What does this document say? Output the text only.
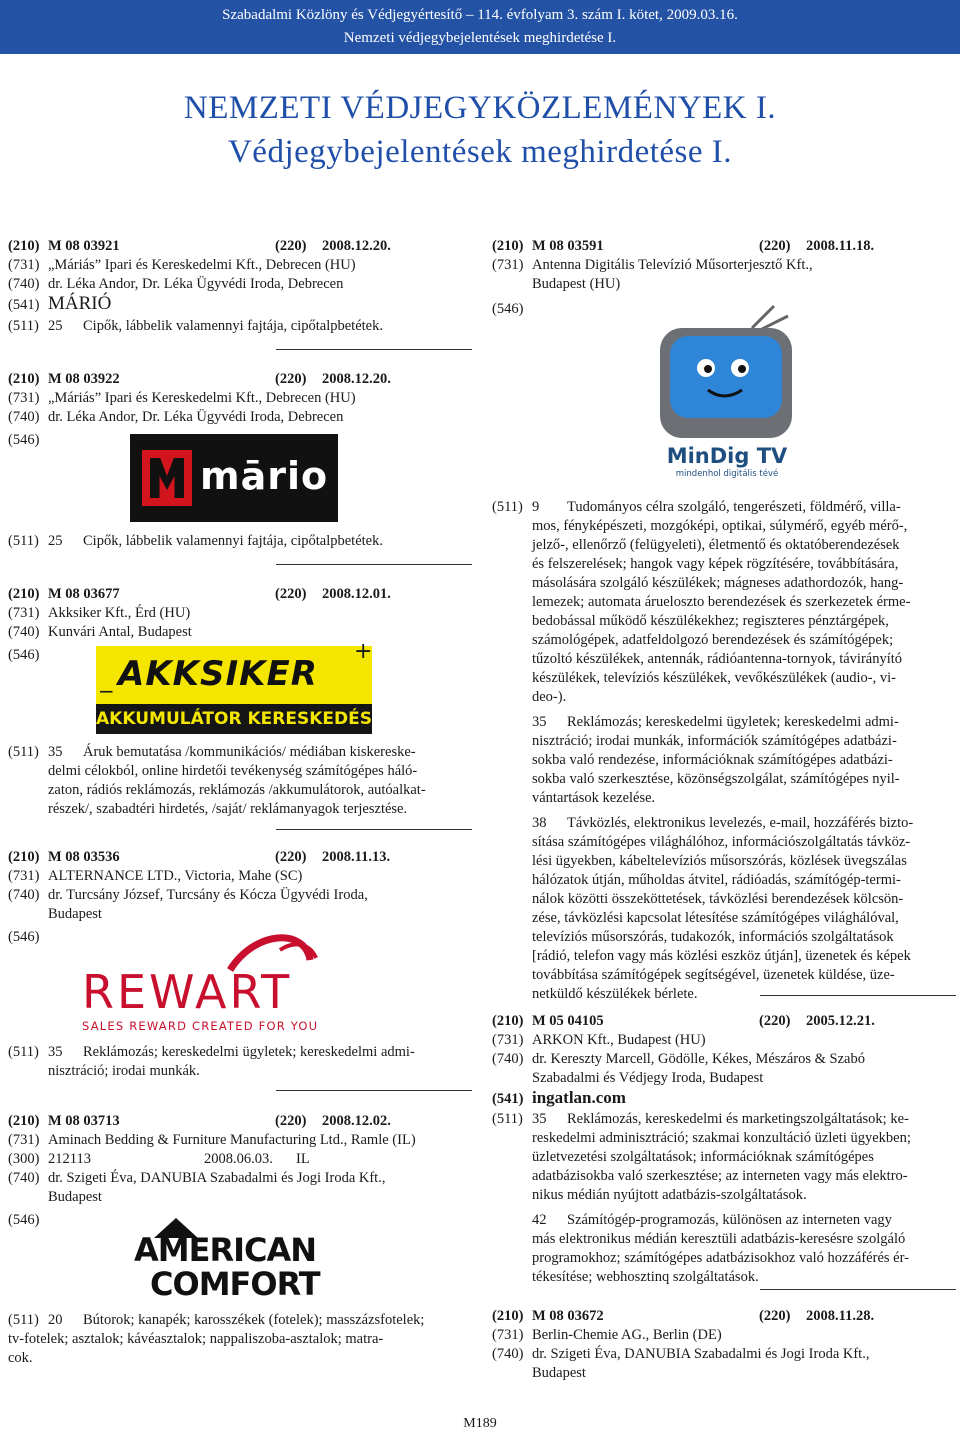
Szabadalmi Közlöny és Védjegyértesítő – 114. évfolyam 3. szám I. kötet, 2009.03.16.
Nemzeti védjegybejelentések meghirdetése I.
NEMZETI VÉDJEGYKÖZLEMÉNYEK I.
Védjegybejelentések meghirdetése I.
(210) M 08 03921	(220) 2008.12.20.
(731) „Máriás” Ipari és Kereskedelmi Kft., Debrecen (HU)
(740) dr. Léka Andor, Dr. Léka Ügyvédi Iroda, Debrecen
(541) MÁRIÓ
(511) 25 Cipők, lábbelik valamennyi fajtája, cipőtalpbetétek.
(210) M 08 03922	(220) 2008.12.20.
(731) „Máriás” Ipari és Kereskedelmi Kft., Debrecen (HU)
(740) dr. Léka Andor, Dr. Léka Ügyvédi Iroda, Debrecen
(546)
mārio
(511) 25 Cipők, lábbelik valamennyi fajtája, cipőtalpbetétek.
(210) M 08 03677	(220) 2008.12.01.
(731) Akksiker Kft., Érd (HU)
(740) Kunvári Antal, Budapest
(546)	+
− AKKSIKER
AKKUMULÁTOR KERESKEDÉS
(511) 35 Áruk bemutatása /kommunikációs/ médiában kiskereske-
delmi célokból, online hirdetői tevékenység számítógépes háló-
zaton, rádiós reklámozás, reklámozás /akkumulátorok, autóalkat-
részek/, szabadtéri hirdetés, /saját/ reklámanyagok terjesztése.
(210) M 08 03536	(220) 2008.11.13.
(731) ALTERNANCE LTD., Victoria, Mahe (SC)
(740) dr. Turcsány József, Turcsány és Kócza Ügyvédi Iroda,
Budapest
(546)
REWART
SALES REWARD CREATED FOR YOU
(511) 35 Reklámozás; kereskedelmi ügyletek; kereskedelmi admi-
nisztráció; irodai munkák.
(210) M 08 03713	(220) 2008.12.02.
(731) Aminach Bedding & Furniture Manufacturing Ltd., Ramle (IL)
(300) 212113	2008.06.03. IL
(740) dr. Szigeti Éva, DANUBIA Szabadalmi és Jogi Iroda Kft.,
Budapest
(546)
AMERICAN
COMFORT
(511) 20 Bútorok; kanapék; karosszékek (fotelek); masszázsfotelek;
tv-fotelek; asztalok; kávéasztalok; nappaliszoba-asztalok; matra-
cok.
(210) M 08 03591	(220) 2008.11.18.
(731) Antenna Digitális Televízió Műsorterjesztő Kft.,
Budapest (HU)
(546)
MinDig TV
mindenhol digitális tévé
(511) 9 Tudományos célra szolgáló, tengerészeti, földmérő, villa-
mos, fényképészeti, mozgóképi, optikai, súlymérő, egyéb mérő-,
jelző-, ellenőrző (felügyeleti), életmentő és oktatóberendezések
és felszerelések; hangok vagy képek rögzítésére, továbbítására,
másolására szolgáló készülékek; mágneses adathordozók, hang-
lemezek; automata árueloszto berendezések és szerkezetek érme-
bedobással működő készülékekhez; regiszteres pénztárgépek,
számológépek, adatfeldolgozó berendezések és számítógépek;
tűzoltó készülékek, antennák, rádióantenna-tornyok, távirányító
készülékek, televíziós készülékek, vevőkészülékek (audio-, vi-
deo-).
35 Reklámozás; kereskedelmi ügyletek; kereskedelmi admi-
nisztráció; irodai munkák, információk számítógépes adatbázi-
sokba való rendezése, információknak számítógépes adatbázi-
sokba való szerkesztése, közönségszolgálat, számítógépes nyil-
vántartások kezelése.
38 Távközlés, elektronikus levelezés, e-mail, hozzáférés bizto-
sítása számítógépes világhálóhoz, információszolgáltatás távköz-
lési ügyekben, kábeltelevíziós műsorszórás, közlések üvegszálas
hálózatok útján, műholdas átvitel, rádióadás, számítógép-termi-
nálok közötti összeköttetések, távközlési berendezések kölcsön-
zése, távközlési kapcsolat létesítése számítógépes világhálóval,
televíziós műsorszórás, tudakozók, információs szolgáltatások
[rádió, telefon vagy más közlési eszköz útján], üzenetek és képek
továbbítása számítógépek segítségével, üzenetek küldése, üze-
netküldő készülékek bérlete.
(210) M 05 04105	(220) 2005.12.21.
(731) ARKON Kft., Budapest (HU)
(740) dr. Kereszty Marcell, Gödölle, Kékes, Mészáros & Szabó
Szabadalmi és Védjegy Iroda, Budapest
(541) ingatlan.com
(511) 35 Reklámozás, kereskedelmi és marketingszolgáltatások; ke-
reskedelmi adminisztráció; szakmai konzultáció üzleti ügyekben;
üzletvezetési szolgáltatások; információknak számítógépes
adatbázisokba való szerkesztése; az interneten vagy más elektro-
nikus médián nyújtott adatbázis-szolgáltatások.
42 Számítógép-programozás, különösen az interneten vagy
más elektronikus médián keresztüli adatbázis-keresésre szolgáló
programokhoz; számítógépes adatbázisokhoz való hozzáférés ér-
tékesítése; webhosztinq szolgáltatások.
(210) M 08 03672	(220) 2008.11.28.
(731) Berlin-Chemie AG., Berlin (DE)
(740) dr. Szigeti Éva, DANUBIA Szabadalmi és Jogi Iroda Kft.,
Budapest
M189
